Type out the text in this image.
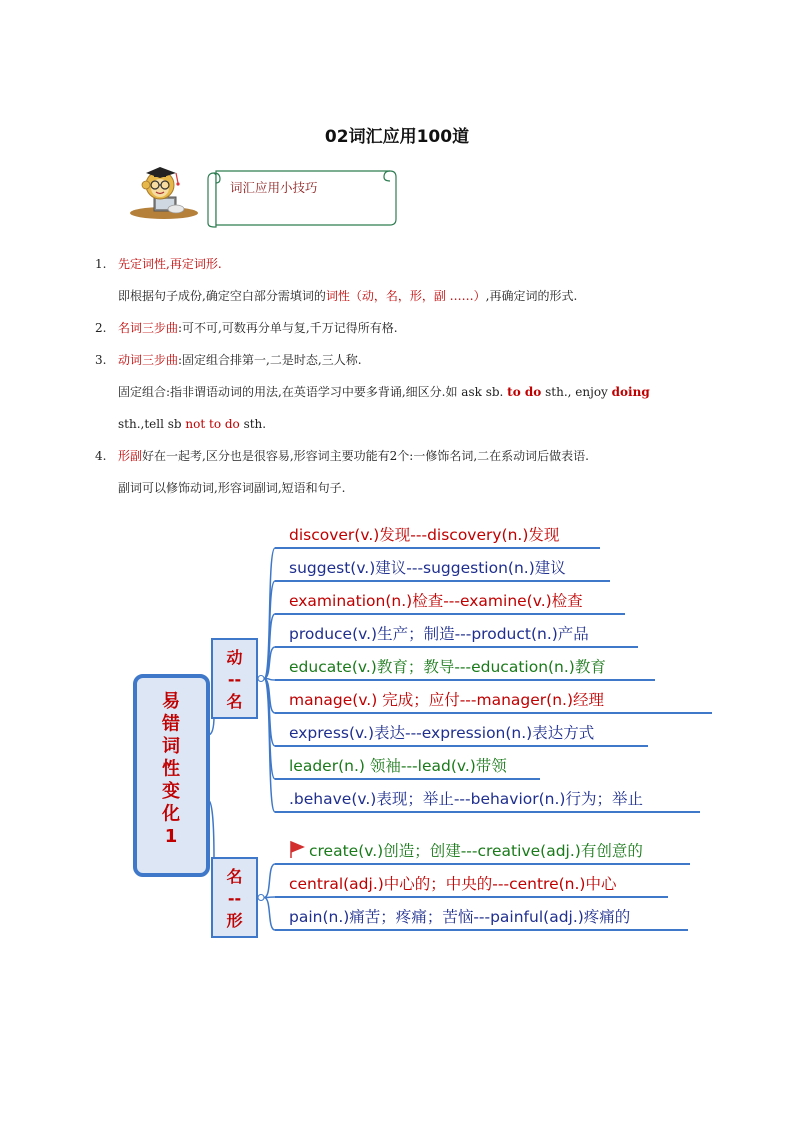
02词汇应用100道
词汇应用小技巧
1. 先定词性,再定词形.
即根据句子成份,确定空白部分需填词的词性（动，名，形，副 ……）,再确定词的形式.
2. 名词三步曲:可不可,可数再分单与复,千万记得所有格.
3. 动词三步曲:固定组合排第一,二是时态,三人称.
固定组合:指非谓语动词的用法,在英语学习中要多背诵,细区分.如 ask sb. to do sth., enjoy doing
sth.,tell sb not to do sth.
4. 形副好在一起考,区分也是很容易,形容词主要功能有2个:一修饰名词,二在系动词后做表语.
副词可以修饰动词,形容词副词,短语和句子.
易
错
词
性
变
化
1
动
--
名
discover(v.)发现---discovery(n.)发现
suggest(v.)建议---suggestion(n.)建议
examination(n.)检查---examine(v.)检查
produce(v.)生产；制造---product(n.)产品
educate(v.)教育；教导---education(n.)教育
manage(v.) 完成；应付---manager(n.)经理
express(v.)表达---expression(n.)表达方式
leader(n.) 领袖---lead(v.)带领
.behave(v.)表现；举止---behavior(n.)行为；举止
名
--
形
create(v.)创造；创建---creative(adj.)有创意的
central(adj.)中心的；中央的---centre(n.)中心
pain(n.)痛苦；疼痛；苦恼---painful(adj.)疼痛的
